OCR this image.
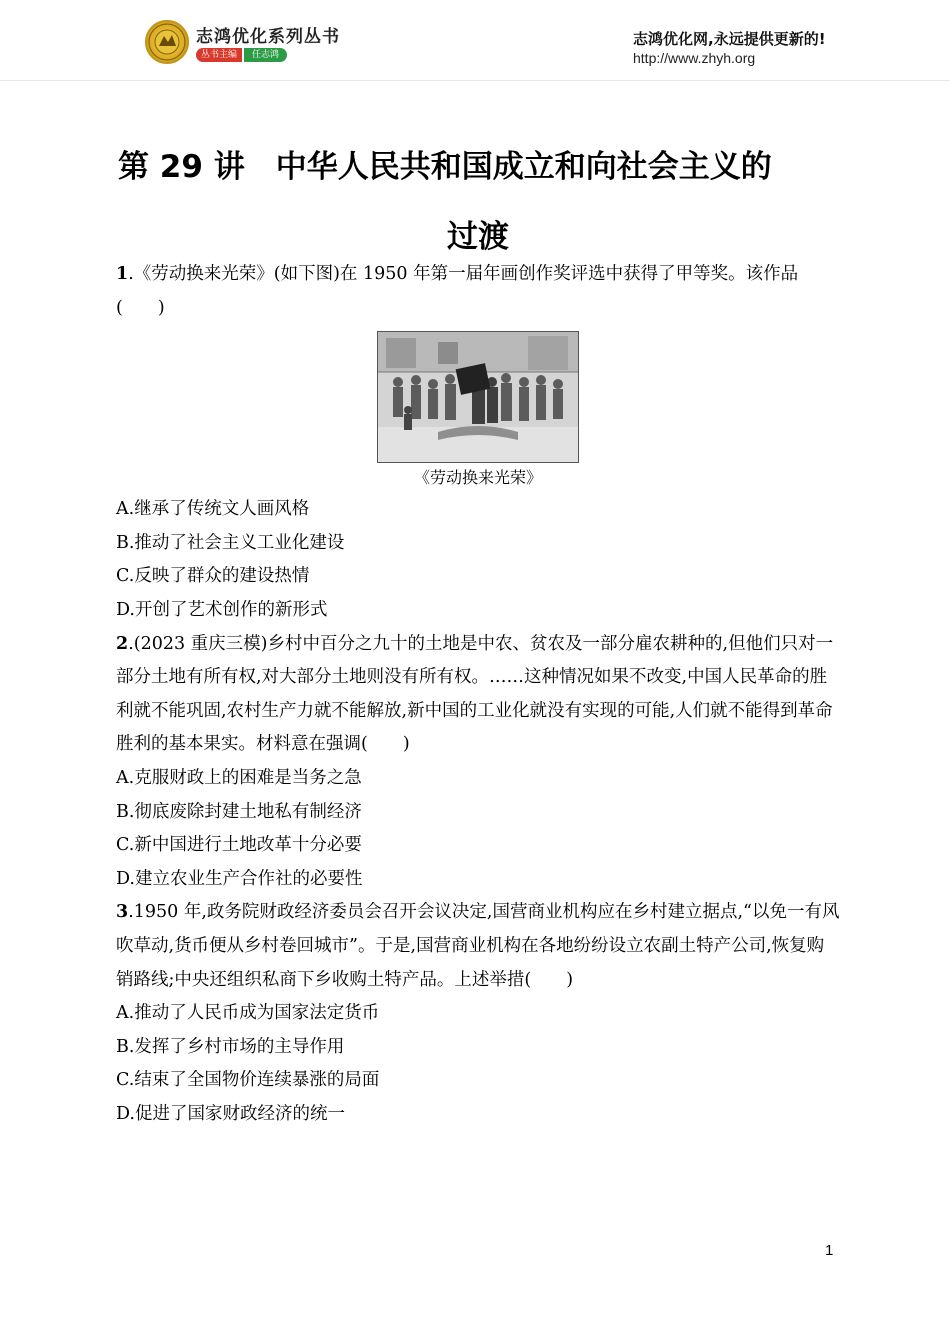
志鸿优化系列丛书
丛书主编	任志鸿
志鸿优化网,永远提供更新的!
http://www.zhyh.org
第 29 讲　中华人民共和国成立和向社会主义的
过渡

1.《劳动换来光荣》(如下图)在 1950 年第一届年画创作奖评选中获得了甲等奖。该作品(　　)

《劳动换来光荣》

A.继承了传统文人画风格

B.推动了社会主义工业化建设

C.反映了群众的建设热情

D.开创了艺术创作的新形式

2.(2023 重庆三模)乡村中百分之九十的土地是中农、贫农及一部分雇农耕种的,但他们只对一部分土地有所有权,对大部分土地则没有所有权。……这种情况如果不改变,中国人民革命的胜利就不能巩固,农村生产力就不能解放,新中国的工业化就没有实现的可能,人们就不能得到革命胜利的基本果实。材料意在强调(　　)

A.克服财政上的困难是当务之急

B.彻底废除封建土地私有制经济

C.新中国进行土地改革十分必要

D.建立农业生产合作社的必要性

3.1950 年,政务院财政经济委员会召开会议决定,国营商业机构应在乡村建立据点,“以免一有风吹草动,货币便从乡村卷回城市”。于是,国营商业机构在各地纷纷设立农副土特产公司,恢复购销路线;中央还组织私商下乡收购土特产品。上述举措(　　)

A.推动了人民币成为国家法定货币

B.发挥了乡村市场的主导作用

C.结束了全国物价连续暴涨的局面

D.促进了国家财政经济的统一

1
